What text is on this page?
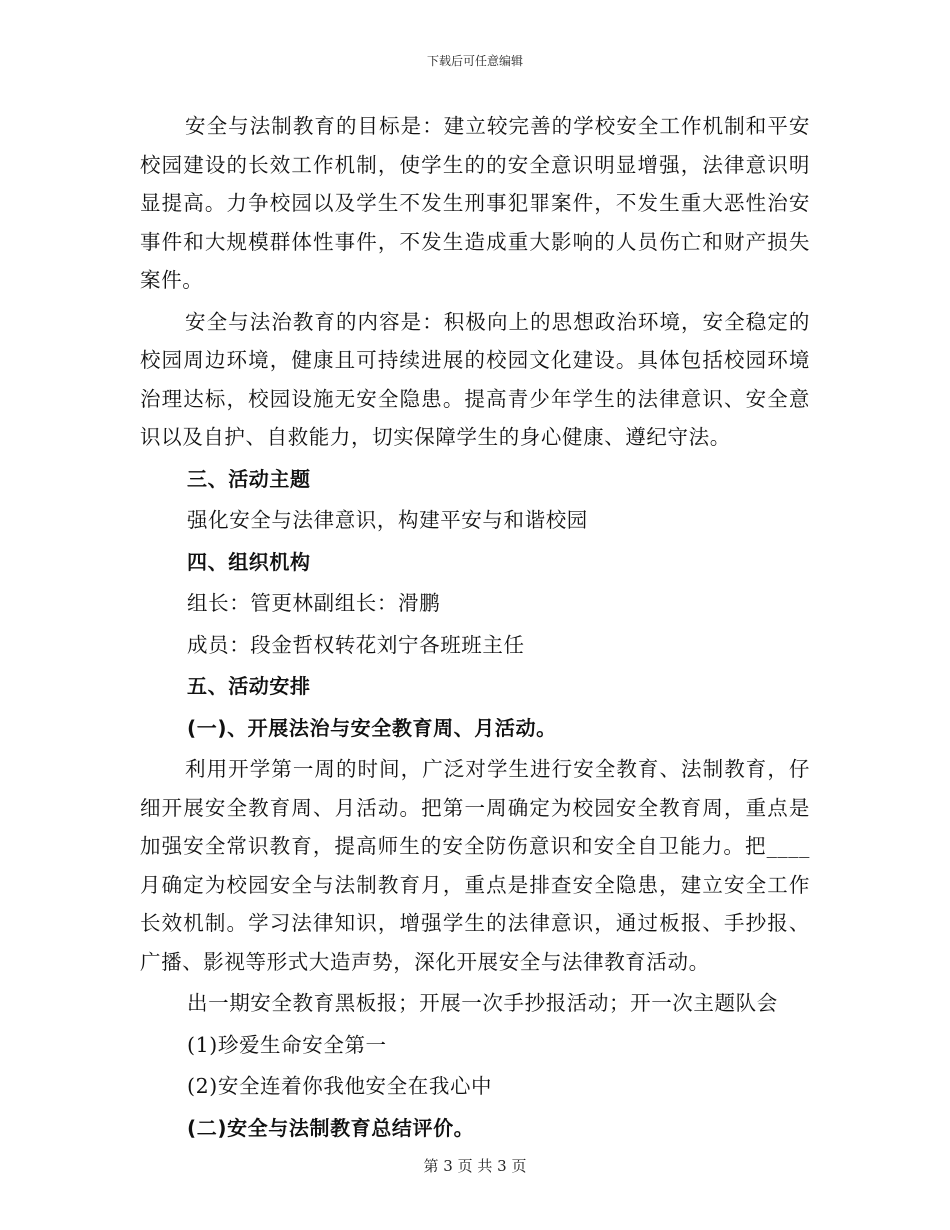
下载后可任意编辑

安全与法制教育的目标是：建立较完善的学校安全工作机制和平安校园建设的长效工作机制，使学生的的安全意识明显增强，法律意识明显提高。力争校园以及学生不发生刑事犯罪案件，不发生重大恶性治安事件和大规模群体性事件，不发生造成重大影响的人员伤亡和财产损失案件。

安全与法治教育的内容是：积极向上的思想政治环境，安全稳定的校园周边环境，健康且可持续进展的校园文化建设。具体包括校园环境治理达标，校园设施无安全隐患。提高青少年学生的法律意识、安全意识以及自护、自救能力，切实保障学生的身心健康、遵纪守法。

三、活动主题

强化安全与法律意识，构建平安与和谐校园

四、组织机构

组长：管更林副组长：滑鹏

成员：段金哲权转花刘宁各班班主任

五、活动安排

(一)、开展法治与安全教育周、月活动。

利用开学第一周的时间，广泛对学生进行安全教育、法制教育，仔细开展安全教育周、月活动。把第一周确定为校园安全教育周，重点是加强安全常识教育，提高师生的安全防伤意识和安全自卫能力。把____月确定为校园安全与法制教育月，重点是排查安全隐患，建立安全工作长效机制。学习法律知识，增强学生的法律意识，通过板报、手抄报、广播、影视等形式大造声势，深化开展安全与法律教育活动。

出一期安全教育黑板报；开展一次手抄报活动；开一次主题队会

(1)珍爱生命安全第一

(2)安全连着你我他安全在我心中

(二)安全与法制教育总结评价。

第 3 页 共 3 页
